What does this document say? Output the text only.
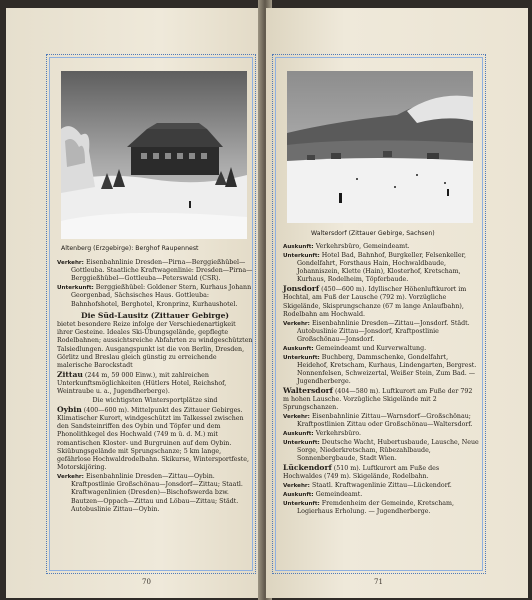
Altenberg (Erzgebirge): Berghof Raupennest

Verkehr: Eisenbahnlinie Dresden—Pirna—Berggießhübel—Gottleuba. Staatliche Kraftwagenlinie: Dresden—Pirna—Berggießhübel—Gottleuba—Peterswald (CSR).

Unterkunft: Berggießhübel: Goldener Stern, Kurhaus Johann Georgenbad, Sächsisches Haus. Gottleuba: Bahnhofshotel, Berghotel, Kronprinz, Kurhaushotel.

Die Süd-Lausitz (Zittauer Gebirge)

bietet besondere Reize infolge der Verschiedenartigkeit ihrer Gesteine. Ideales Ski-Übungsgelände, gepflegte Rodelbahnen; aussichtsreiche Abfahrten zu windgeschützten Talsiedlungen. Ausgangspunkt ist die von Berlin, Dresden, Görlitz und Breslau gleich günstig zu erreichende malerische Barockstadt

Zittau (244 m, 59 000 Einw.), mit zahlreichen Unterkunftsmöglichkeiten (Hütlers Hotel, Reichshof, Weintraube u. a., Jugendherberge).

Die wichtigsten Wintersportplätze sind

Oybin (400—600 m). Mittelpunkt des Zittauer Gebirges. Klimatischer Kurort, windgeschützt im Talkessel zwischen den Sandsteinriffen des Oybin und Töpfer und dem Phonolithkegel des Hochwald (749 m ü. d. M.) mit romantischen Kloster- und Burgruinen auf dem Oybin. Skiübungsgelände mit Sprungschanze; 5 km lange, gefährlose Hochwaldrodelbahn. Skikurse, Wintersportfeste, Motorskijöring.

Verkehr: Eisenbahnlinie Dresden—Zittau—Oybin. Kraftpostlinie Großschönau—Jonsdorf—Zittau; Staatl. Kraftwagenlinien (Dresden)—Bischofswerda bzw. Bautzen—Oppach—Zittau und Löbau—Zittau; Städt. Autobuslinie Zittau—Oybin.

70
Waltersdorf (Zittauer Gebirge, Sachsen)

Auskunft: Verkehrsbüro, Gemeindeamt.

Unterkunft: Hotel Bad, Bahnhof, Burgkeller, Felsenkeller, Gondelfahrt, Forsthaus Hain, Hochwaldbaude, Johanniszein, Klette (Hain), Klosterhof, Kretscham, Kurhaus, Rodelheim, Töpferbaude.

Jonsdorf (450—600 m). Idyllischer Höhenluftkurort im Hochtal, am Fuß der Lausche (792 m). Vorzügliche Skigelände, Skisprungschanze (67 m lange Anlaufbahn), Rodelbahn am Hochwald.

Verkehr: Eisenbahnlinie Dresden—Zittau—Jonsdorf. Städt. Autobuslinie Zittau—Jonsdorf, Kraftpostlinie Großschönau—Jonsdorf.

Auskunft: Gemeindeamt und Kurverwaltung.

Unterkunft: Buchberg, Dammschenke, Gondelfahrt, Heidehof, Kretscham, Kurhaus, Lindengarten, Bergrest. Nonnenfelsen, Schweizertal, Weißer Stein, Zum Bad. — Jugendherberge.

Waltersdorf (404—580 m). Luftkurort am Fuße der 792 m hohen Lausche. Vorzügliche Skigelände mit 2 Sprungschanzen.

Verkehr: Eisenbahnlinie Zittau—Warnsdorf—Großschönau; Kraftpostlinien Zittau oder Großschönau—Waltersdorf.

Auskunft: Verkehrsbüro.

Unterkunft: Deutsche Wacht, Hubertusbaude, Lausche, Neue Sorge, Niederkretscham, Rübezahlbaude, Sonnenbergbaude, Stadt Wien.

Lückendorf (510 m). Luftkurort am Fuße des Hochwaldes (749 m). Skigelände, Rodelbahn.

Verkehr: Staatl. Kraftwagenlinie Zittau—Lückendorf.

Auskunft: Gemeindeamt.

Unterkunft: Fremdenheim der Gemeinde, Kretscham, Logierhaus Erholung. — Jugendherberge.

71
